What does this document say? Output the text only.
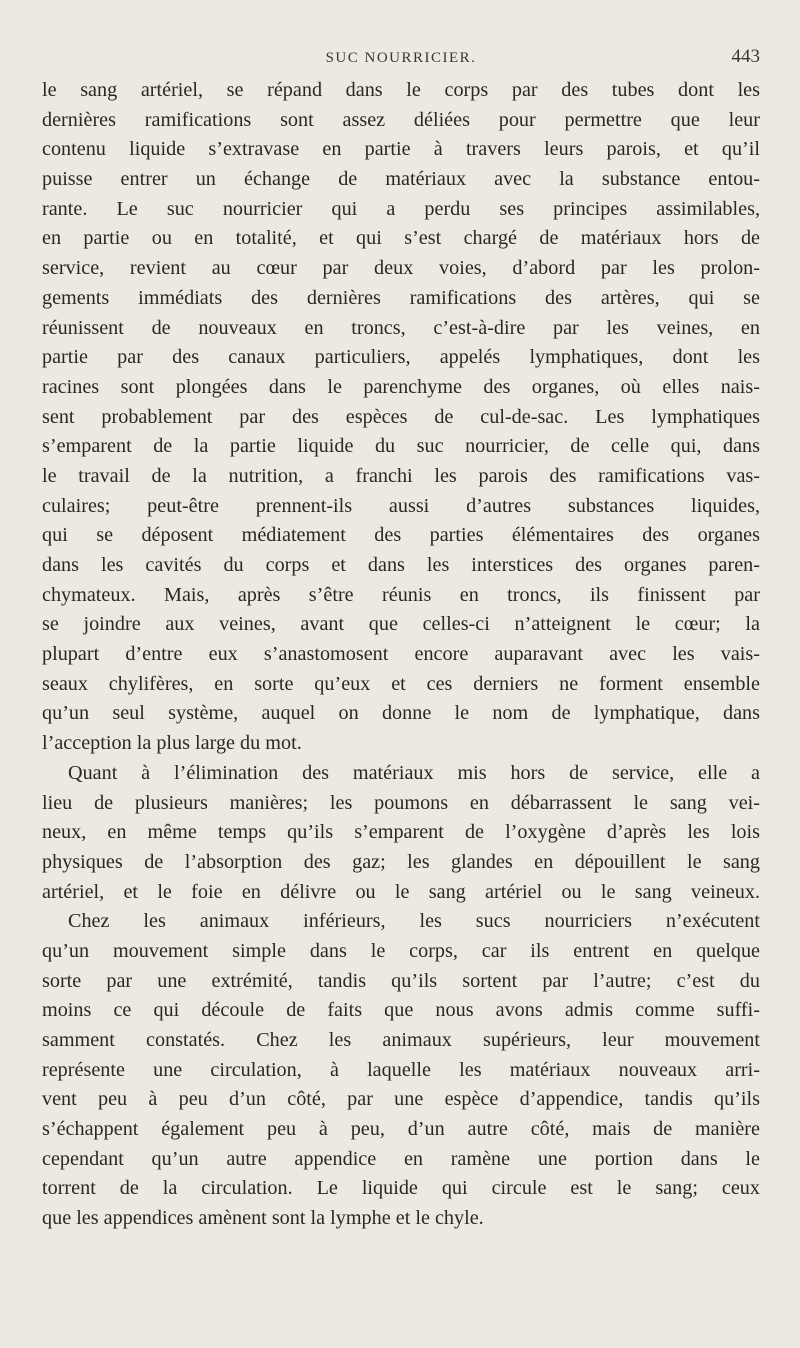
SUC NOURRICIER.	443
le sang artériel, se répand dans le corps par des tubes dont les
dernières ramifications sont assez déliées pour permettre que leur
contenu liquide s’extravase en partie à travers leurs parois, et qu’il
puisse entrer un échange de matériaux avec la substance entou-
rante. Le suc nourricier qui a perdu ses principes assimilables,
en partie ou en totalité, et qui s’est chargé de matériaux hors de
service, revient au cœur par deux voies, d’abord par les prolon-
gements immédiats des dernières ramifications des artères, qui se
réunissent de nouveaux en troncs, c’est-à-dire par les veines, en
partie par des canaux particuliers, appelés lymphatiques, dont les
racines sont plongées dans le parenchyme des organes, où elles nais-
sent probablement par des espèces de cul-de-sac. Les lymphatiques
s’emparent de la partie liquide du suc nourricier, de celle qui, dans
le travail de la nutrition, a franchi les parois des ramifications vas-
culaires; peut-être prennent-ils aussi d’autres substances liquides,
qui se déposent médiatement des parties élémentaires des organes
dans les cavités du corps et dans les interstices des organes paren-
chymateux. Mais, après s’être réunis en troncs, ils finissent par
se joindre aux veines, avant que celles-ci n’atteignent le cœur; la
plupart d’entre eux s’anastomosent encore auparavant avec les vais-
seaux chylifères, en sorte qu’eux et ces derniers ne forment ensemble
qu’un seul système, auquel on donne le nom de lymphatique, dans
l’acception la plus large du mot.
Quant à l’élimination des matériaux mis hors de service, elle a
lieu de plusieurs manières; les poumons en débarrassent le sang vei-
neux, en même temps qu’ils s’emparent de l’oxygène d’après les lois
physiques de l’absorption des gaz; les glandes en dépouillent le sang
artériel, et le foie en délivre ou le sang artériel ou le sang veineux.
Chez les animaux inférieurs, les sucs nourriciers n’exécutent
qu’un mouvement simple dans le corps, car ils entrent en quelque
sorte par une extrémité, tandis qu’ils sortent par l’autre; c’est du
moins ce qui découle de faits que nous avons admis comme suffi-
samment constatés. Chez les animaux supérieurs, leur mouvement
représente une circulation, à laquelle les matériaux nouveaux arri-
vent peu à peu d’un côté, par une espèce d’appendice, tandis qu’ils
s’échappent également peu à peu, d’un autre côté, mais de manière
cependant qu’un autre appendice en ramène une portion dans le
torrent de la circulation. Le liquide qui circule est le sang; ceux
que les appendices amènent sont la lymphe et le chyle.
